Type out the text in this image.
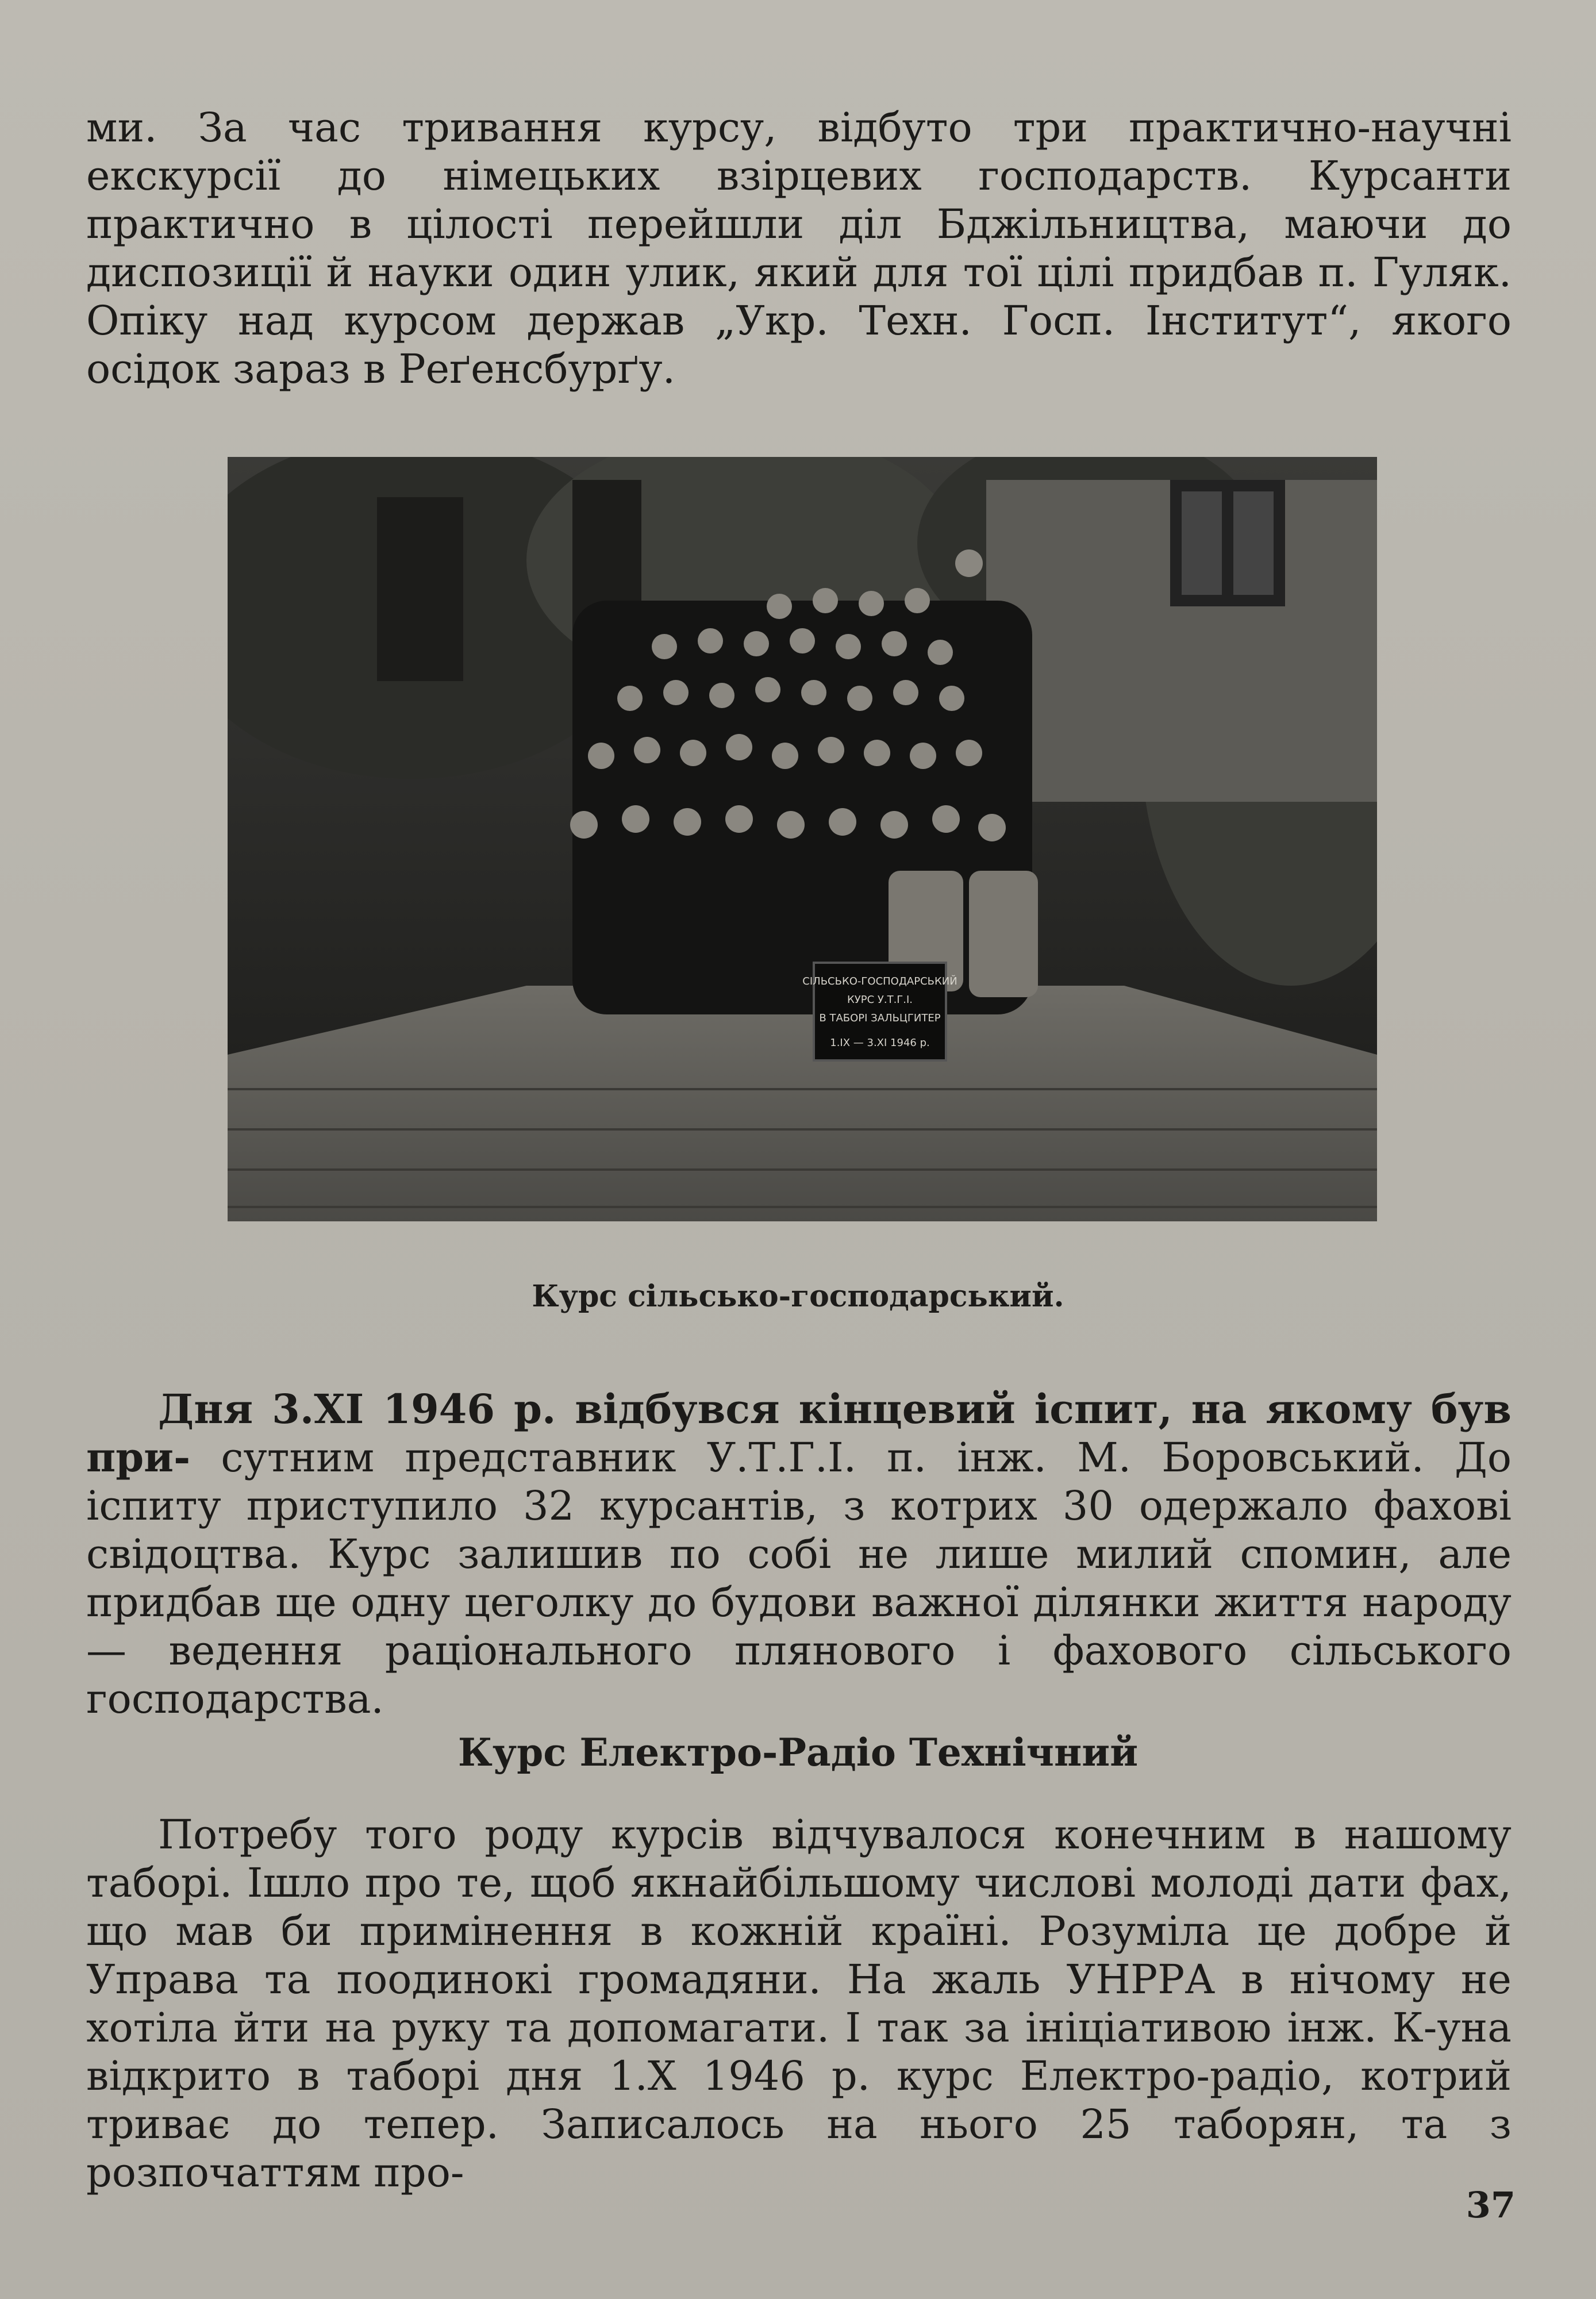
ми. За час тривання курсу, відбуто три практично-научні екскурсії до німецьких взірцевих господарств. Курсанти практично в цілості перейшли діл Бджільництва, маючи до диспозиції й науки один улик, який для тої цілі придбав п. Гуляк. Опіку над курсом держав „Укр. Техн. Госп. Інститут“, якого осідок зараз в Реґенсбурґу.

СІЛЬСЬКО-ГОСПОДАРСЬКИЙ
КУРС У.Т.Г.І.
В ТАБОРІ ЗАЛЬЦГИТЕР
1.IX — 3.XI 1946 р.
Курс сільсько-господарський.

Дня 3.XI 1946 р. відбувся кінцевий іспит, на якому був при- сутним представник У.Т.Г.І. п. інж. М. Боровський. До іспиту приступило 32 курсантів, з котрих 30 одержало фахові свідоцтва. Курс залишив по собі не лише милий спомин, але придбав ще одну цеголку до будови важної ділянки життя народу — ведення раціонального плянового і фахового сільського господарства.

Курс Електро-Радіо Технічний

Потребу того роду курсів відчувалося конечним в нашому таборі. Ішло про те, щоб якнайбільшому числові молоді дати фах, що мав би примінення в кожній країні. Розуміла це добре й Управа та поодинокі громадяни. На жаль УНРРА в нічому не хотіла йти на руку та допомагати. І так за ініціативою інж. К-уна відкрито в таборі дня 1.X 1946 р. курс Електро-радіо, котрий триває до тепер. Записалось на нього 25 таборян, та з розпочаттям про-

37
